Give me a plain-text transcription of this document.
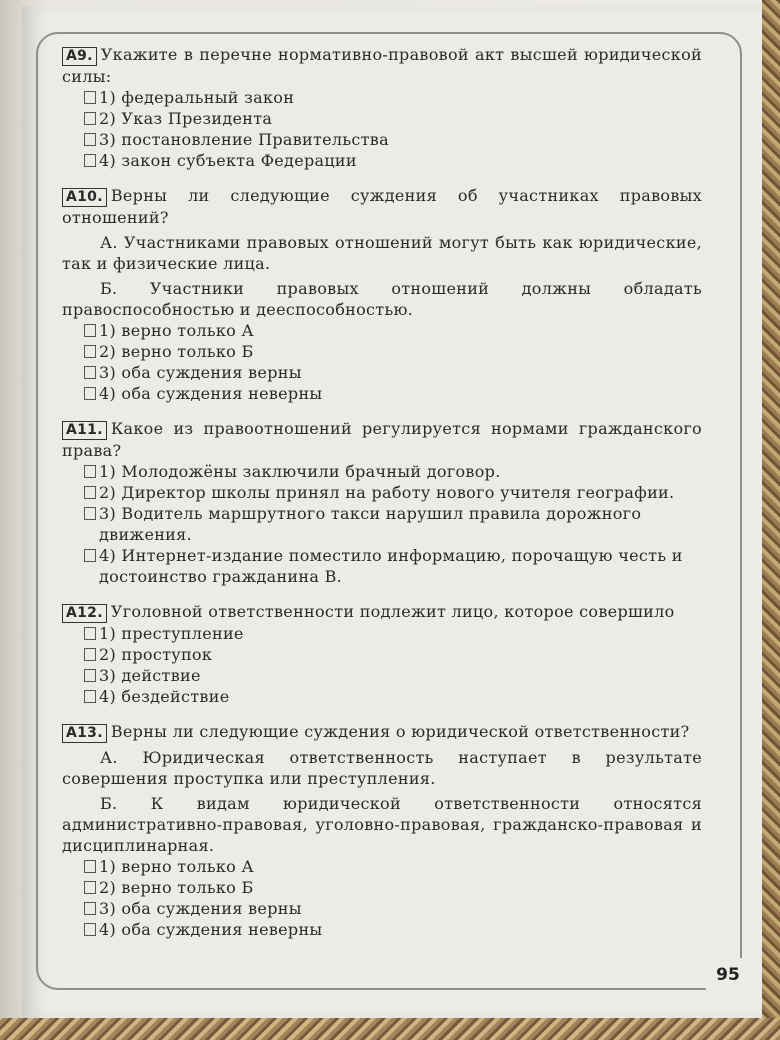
A9. Укажите в перечне нормативно-правовой акт высшей юридической силы:

1) федеральный закон
2) Указ Президента
3) постановление Правительства
4) закон субъекта Федерации

A10. Верны ли следующие суждения об участниках правовых отношений?

А. Участниками правовых отношений могут быть как юридические, так и физические лица.

Б. Участники правовых отношений должны обладать правоспособностью и дееспособностью.

1) верно только А
2) верно только Б
3) оба суждения верны
4) оба суждения неверны

A11. Какое из правоотношений регулируется нормами гражданского права?

1) Молодожёны заключили брачный договор.
2) Директор школы принял на работу нового учителя географии.
3) Водитель маршрутного такси нарушил правила дорожного движения.
4) Интернет-издание поместило информацию, порочащую честь и достоинство гражданина В.

A12. Уголовной ответственности подлежит лицо, которое совершило

1) преступление
2) проступок
3) действие
4) бездействие

A13. Верны ли следующие суждения о юридической ответственности?

А. Юридическая ответственность наступает в результате совершения проступка или преступления.

Б. К видам юридической ответственности относятся административно-правовая, уголовно-правовая, гражданско-правовая и дисциплинарная.

1) верно только А
2) верно только Б
3) оба суждения верны
4) оба суждения неверны
95
